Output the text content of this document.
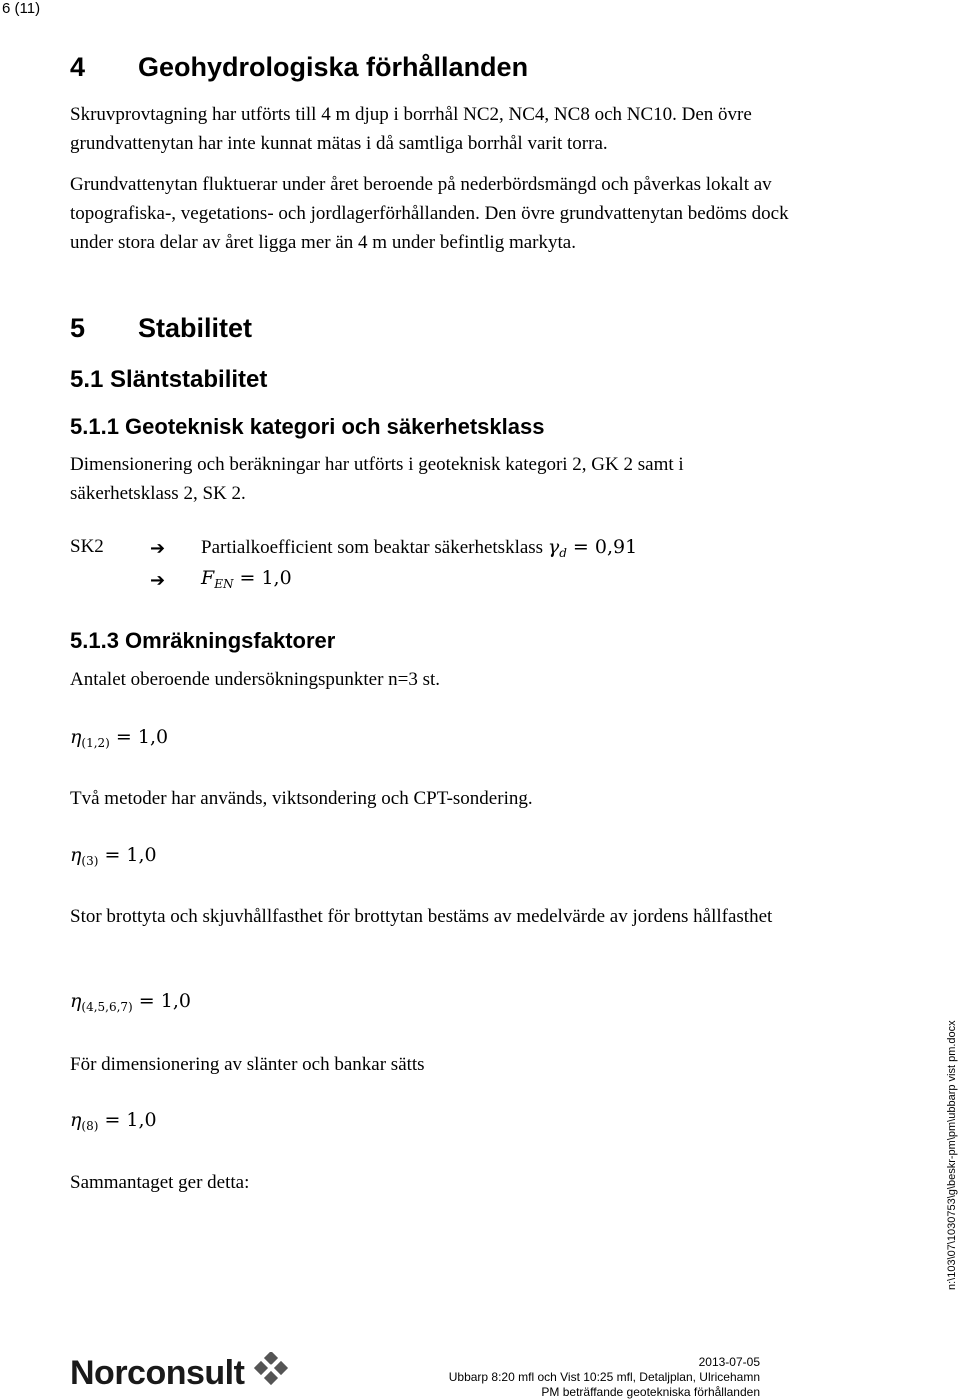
6 (11)
4 Geohydrologiska förhållanden
Skruvprovtagning har utförts till 4 m djup i borrhål NC2, NC4, NC8 och NC10. Den övre grundvattenytan har inte kunnat mätas i då samtliga borrhål varit torra.
Grundvattenytan fluktuerar under året beroende på nederbördsmängd och påverkas lokalt av topografiska-, vegetations- och jordlagerförhållanden. Den övre grundvattenytan bedöms dock under stora delar av året ligga mer än 4 m under befintlig markyta.
5 Stabilitet
5.1 Släntstabilitet
5.1.1 Geoteknisk kategori och säkerhetsklass
Dimensionering och beräkningar har utförts i geoteknisk kategori 2, GK 2 samt i säkerhetsklass 2, SK 2.
SK2	➔ Partialkoefficient som beaktar säkerhetsklass $\gamma_d = 0,91$
➔ $F_{EN} = 1,0$
5.1.3 Omräkningsfaktorer
Antalet oberoende undersökningspunkter n=3 st.
$\eta_{(1,2)} = 1,0$
Två metoder har används, viktsondering och CPT-sondering.
$\eta_{(3)} = 1,0$
Stor brottyta och skjuvhållfasthet för brottytan bestäms av medelvärde av jordens hållfasthet
$\eta_{(4,5,6,7)} = 1,0$
För dimensionering av slänter och bankar sätts
$\eta_{(8)} = 1,0$
Sammantaget ger detta:	n:\103\07\1030753\g\beskr-pm\pm\ubbarp vist pm.docx
Norconsult	2013-07-05
Ubbarp 8:20 mfl och Vist 10:25 mfl, Detaljplan, Ulricehamn
PM beträffande geotekniska förhållanden
